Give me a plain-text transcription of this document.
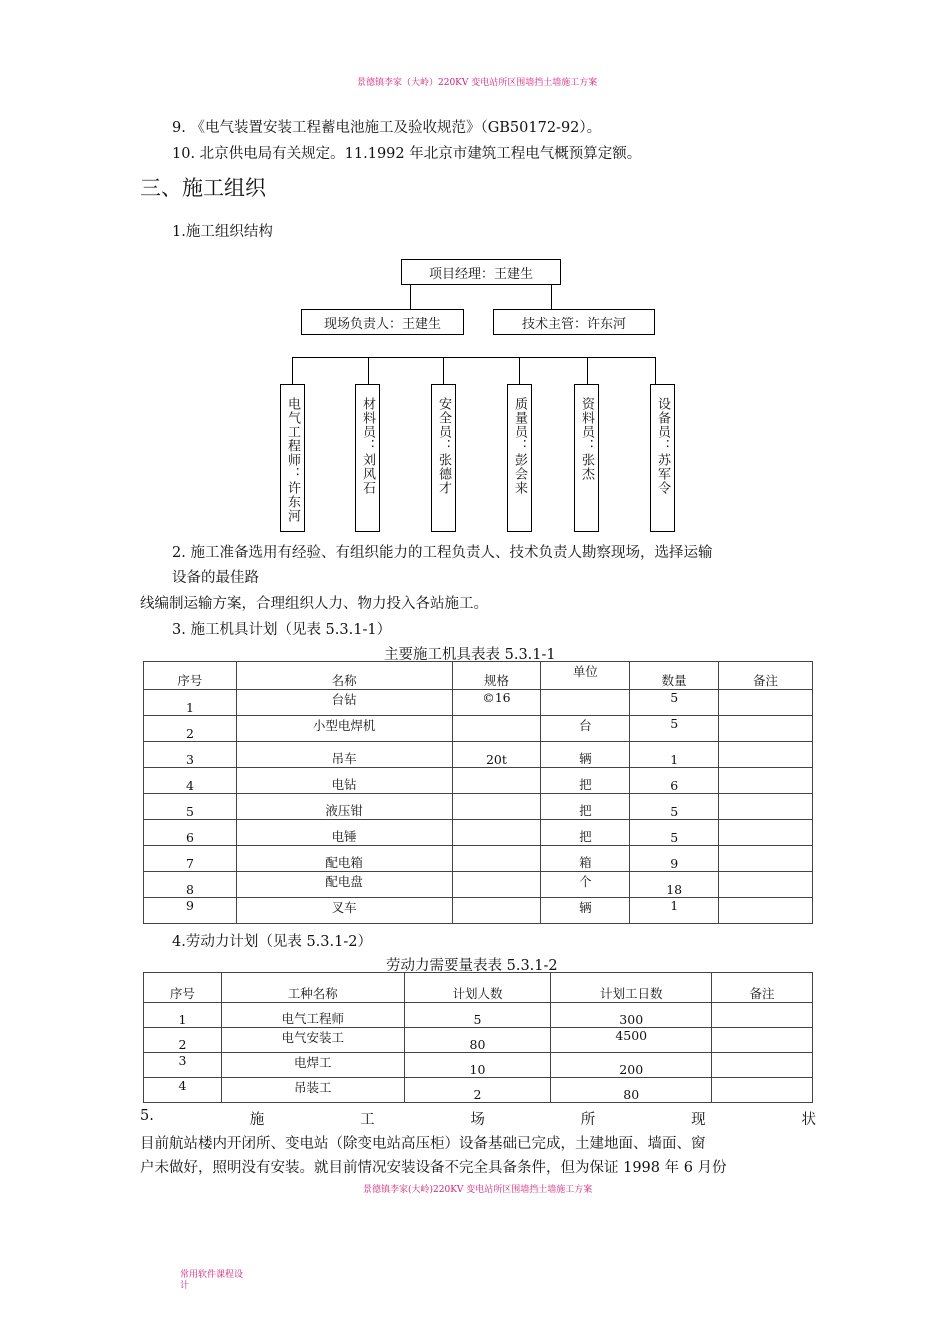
景德镇李家（大岭）220KV 变电站所区围墙挡土墙施工方案
9. 《电气装置安装工程蓄电池施工及验收规范》（GB50172-92）。
10. 北京供电局有关规定。11.1992 年北京市建筑工程电气概预算定额。
三、施工组织
1.施工组织结构
项目经理：王建生
现场负责人：王建生	技术主管：许东河
电气工程师：许东河	材料员：刘风石	安全员：张德才	质量员：彭会来	资料员：张杰	设备员：苏军令
2. 施工准备选用有经验、有组织能力的工程负责人、技术负责人勘察现场，选择运输
设备的最佳路
线编制运输方案，合理组织人力、物力投入各站施工。
3. 施工机具计划（见表 5.3.1-1）
主要施工机具表表 5.3.1-1
序号	名称	规格	单位	数量	备注
1	台钻	©16		5	
2	小型电焊机		台	5	
3	吊车	20t	辆	1	
4	电钻		把	6	
5	液压钳		把	5	
6	电锤		把	5	
7	配电箱		箱	9	
8	配电盘		个	18	
9	叉车		辆	1	
4.劳动力计划（见表 5.3.1-2）
劳动力需要量表表 5.3.1-2
序号	工种名称	计划人数	计划工日数	备注
1	电气工程师	5	300	
2	电气安装工	80	4500	
3	电焊工	10	200	
4	吊装工	2	80	
5.	施	工	场	所	现	状
目前航站楼内开闭所、变电站（除变电站高压柜）设备基础已完成，土建地面、墙面、窗
户未做好，照明没有安装。就目前情况安装设备不完全具备条件，但为保证 1998 年 6 月份
景德镇李家(大岭)220KV 变电站所区围墙挡土墙施工方案
常用软件课程设
计
